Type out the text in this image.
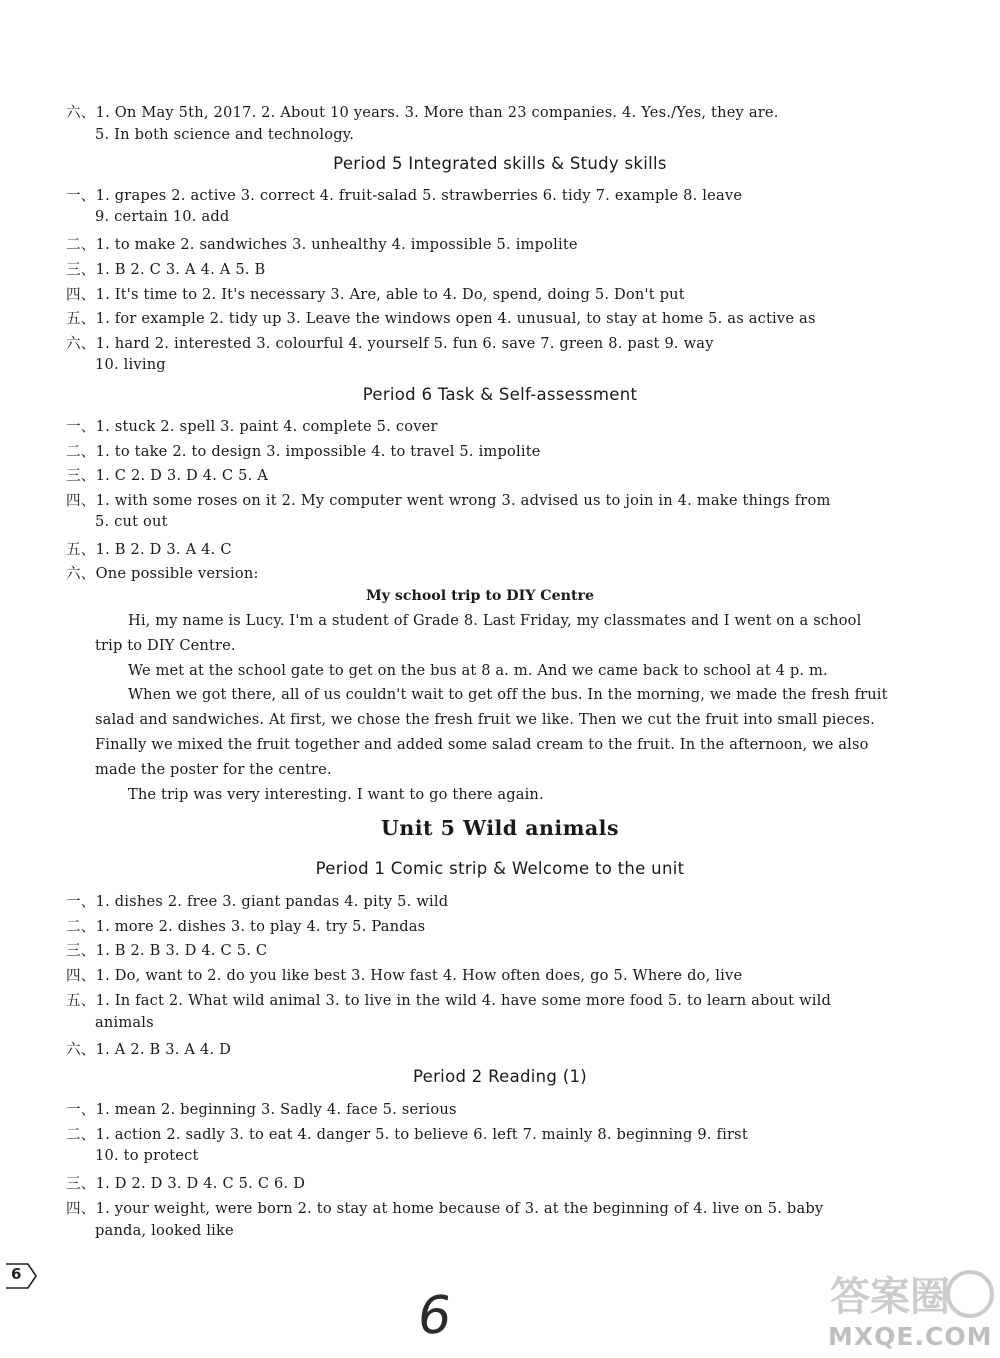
六、1. On May 5th, 2017. 2. About 10 years. 3. More than 23 companies. 4. Yes./Yes, they are.
5. In both science and technology.
Period 5 Integrated skills & Study skills
一、1. grapes 2. active 3. correct 4. fruit-salad 5. strawberries 6. tidy 7. example 8. leave
9. certain 10. add
二、1. to make 2. sandwiches 3. unhealthy 4. impossible 5. impolite
三、1. B 2. C 3. A 4. A 5. B
四、1. It's time to 2. It's necessary 3. Are, able to 4. Do, spend, doing 5. Don't put
五、1. for example 2. tidy up 3. Leave the windows open 4. unusual, to stay at home 5. as active as
六、1. hard 2. interested 3. colourful 4. yourself 5. fun 6. save 7. green 8. past 9. way
10. living
Period 6 Task & Self-assessment
一、1. stuck 2. spell 3. paint 4. complete 5. cover
二、1. to take 2. to design 3. impossible 4. to travel 5. impolite
三、1. C 2. D 3. D 4. C 5. A
四、1. with some roses on it 2. My computer went wrong 3. advised us to join in 4. make things from
5. cut out
五、1. B 2. D 3. A 4. C
六、One possible version:
My school trip to DIY Centre
Hi, my name is Lucy. I'm a student of Grade 8. Last Friday, my classmates and I went on a school
trip to DIY Centre.
We met at the school gate to get on the bus at 8 a. m. And we came back to school at 4 p. m.
When we got there, all of us couldn't wait to get off the bus. In the morning, we made the fresh fruit
salad and sandwiches. At first, we chose the fresh fruit we like. Then we cut the fruit into small pieces.
Finally we mixed the fruit together and added some salad cream to the fruit. In the afternoon, we also
made the poster for the centre.
The trip was very interesting. I want to go there again.
Unit 5 Wild animals
Period 1 Comic strip & Welcome to the unit
一、1. dishes 2. free 3. giant pandas 4. pity 5. wild
二、1. more 2. dishes 3. to play 4. try 5. Pandas
三、1. B 2. B 3. D 4. C 5. C
四、1. Do, want to 2. do you like best 3. How fast 4. How often does, go 5. Where do, live
五、1. In fact 2. What wild animal 3. to live in the wild 4. have some more food 5. to learn about wild
animals
六、1. A 2. B 3. A 4. D
Period 2 Reading (1)
一、1. mean 2. beginning 3. Sadly 4. face 5. serious
二、1. action 2. sadly 3. to eat 4. danger 5. to believe 6. left 7. mainly 8. beginning 9. first
10. to protect
三、1. D 2. D 3. D 4. C 5. C 6. D
四、1. your weight, were born 2. to stay at home because of 3. at the beginning of 4. live on 5. baby
panda, looked like
6
6	答案圈
MXQE.COM
